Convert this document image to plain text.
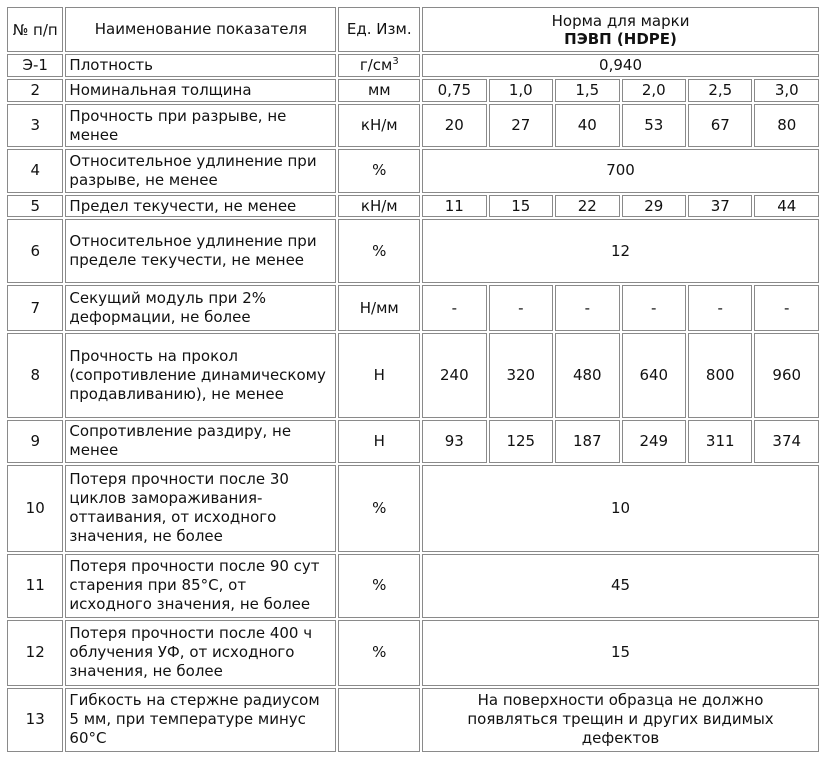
№ п/п	Наименование показателя	Ед. Изм.	Норма для марки
ПЭВП (HDPE)					

Э-1	Плотность	$г/см^3$	0,940					
2	Номинальная толщина	мм	0,75	1,0	1,5	2,0	2,5	3,0
3	Прочность при разрыве, не менее	кН/м	20	27	40	53	67	80
4	Относительное удлинение при разрыве, не менее	%	700					
5	Предел текучести, не менее	кН/м	11	15	22	29	37	44
6	Относительное удлинение при пределе текучести, не менее	%	12					
7	Секущий модуль при 2% деформации, не более	Н/мм	-	-	-	-	-	-
8	Прочность на прокол (сопротивление динамическому продавливанию), не менее	Н	240	320	480	640	800	960
9	Сопротивление раздиру, не менее	Н	93	125	187	249	311	374
10	Потеря прочности после 30 циклов замораживания-оттаивания, от исходного значения, не более	%	10					
11	Потеря прочности после 90 сут старения при 85°С, от исходного значения, не более	%	45					
12	Потеря прочности после 400 ч облучения УФ, от исходного значения, не более	%	15					
13	Гибкость на стержне радиусом 5 мм, при температуре минус 60°С		На поверхности образца не должно появляться трещин и других видимых дефектов					
